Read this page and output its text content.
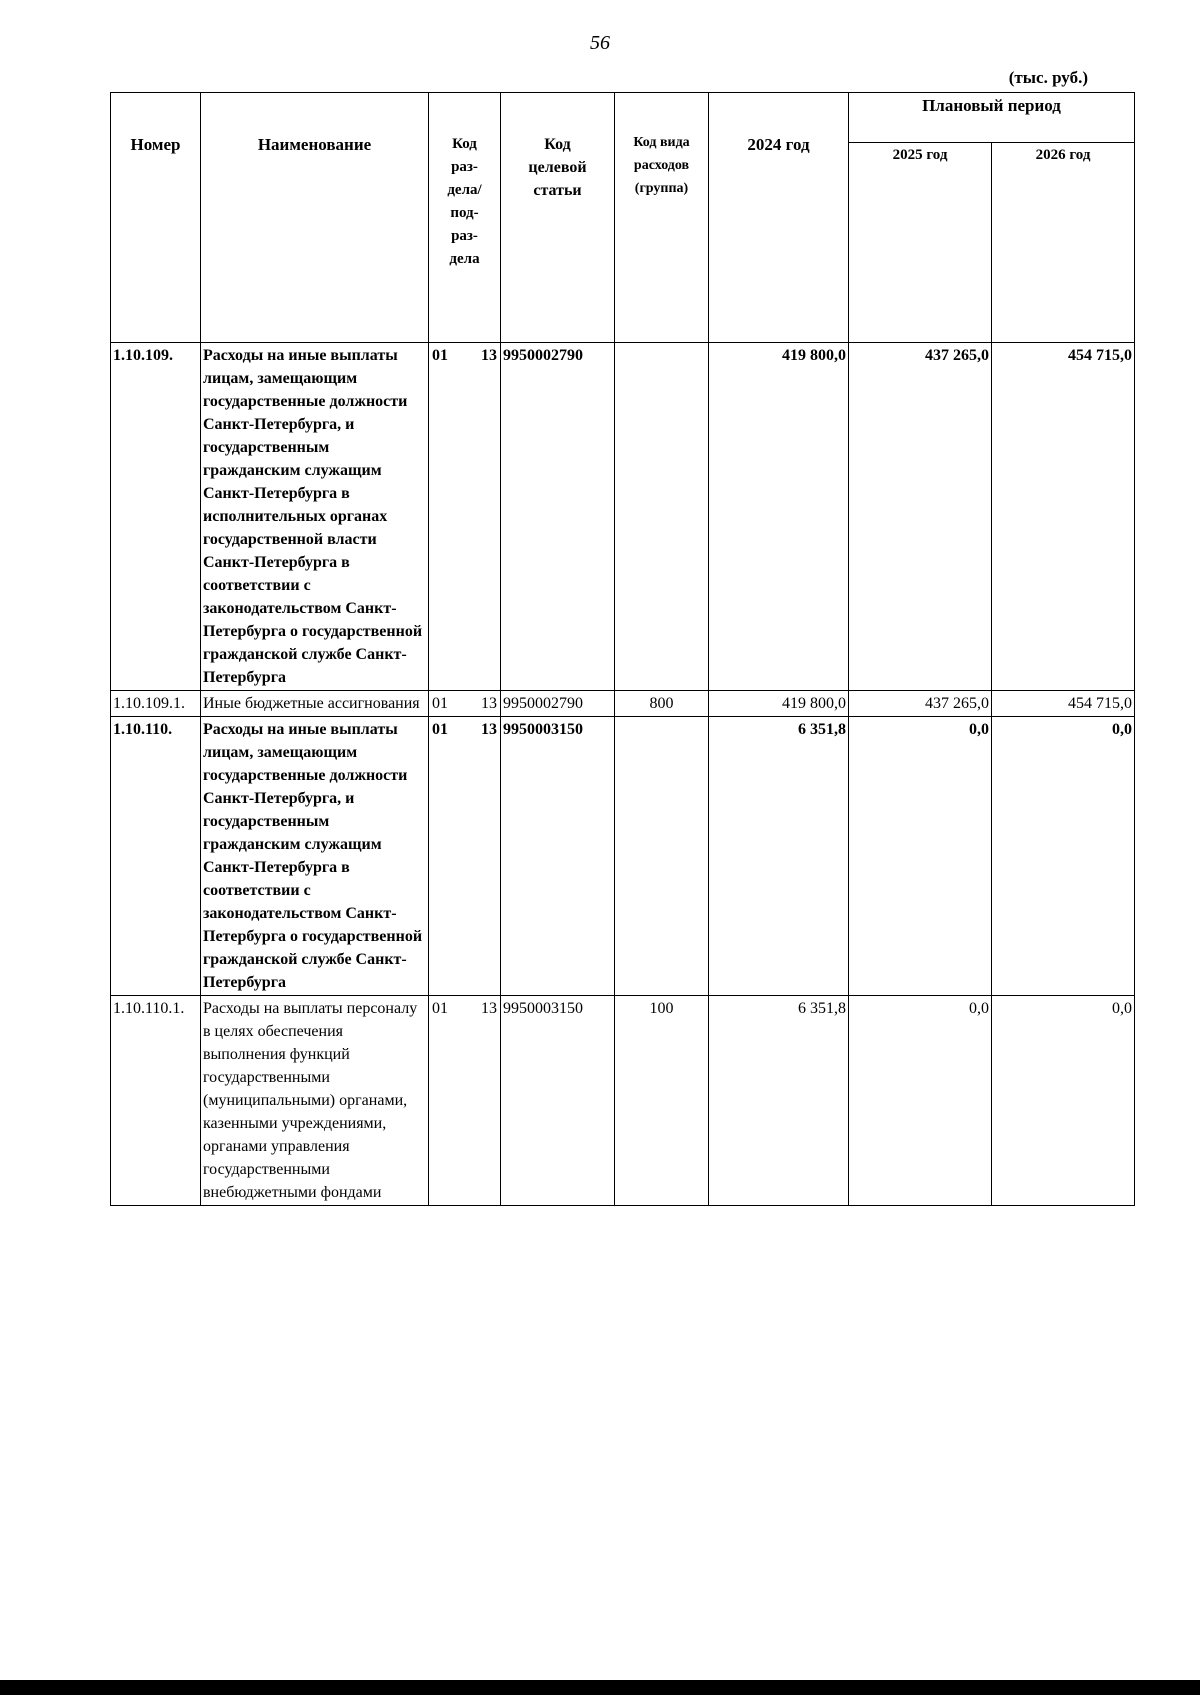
56
(тыс. руб.)
Номер	Наименование	Код раз- дела/ под- раз- дела	Код целевой статьи	Код вида расходов (группа)	2024 год	Плановый период	
						2025 год	2026 год
1.10.109.	Расходы на иные выплаты лицам, замещающим государственные должности Санкт-Петербурга, и государственным гражданским служащим Санкт-Петербурга в исполнительных органах государственной власти Санкт-Петербурга в соответствии с законодательством Санкт-Петербурга о государственной гражданской службе Санкт-Петербурга	01 13	9950002790		419 800,0	437 265,0	454 715,0
1.10.109.1.	Иные бюджетные ассигнования	01 13	9950002790	800	419 800,0	437 265,0	454 715,0
1.10.110.	Расходы на иные выплаты лицам, замещающим государственные должности Санкт-Петербурга, и государственным гражданским служащим Санкт-Петербурга в соответствии с законодательством Санкт-Петербурга о государственной гражданской службе Санкт-Петербурга	01 13	9950003150		6 351,8	0,0	0,0
1.10.110.1.	Расходы на выплаты персоналу в целях обеспечения выполнения функций государственными (муниципальными) органами, казенными учреждениями, органами управления государственными внебюджетными фондами	01 13	9950003150	100	6 351,8	0,0	0,0
